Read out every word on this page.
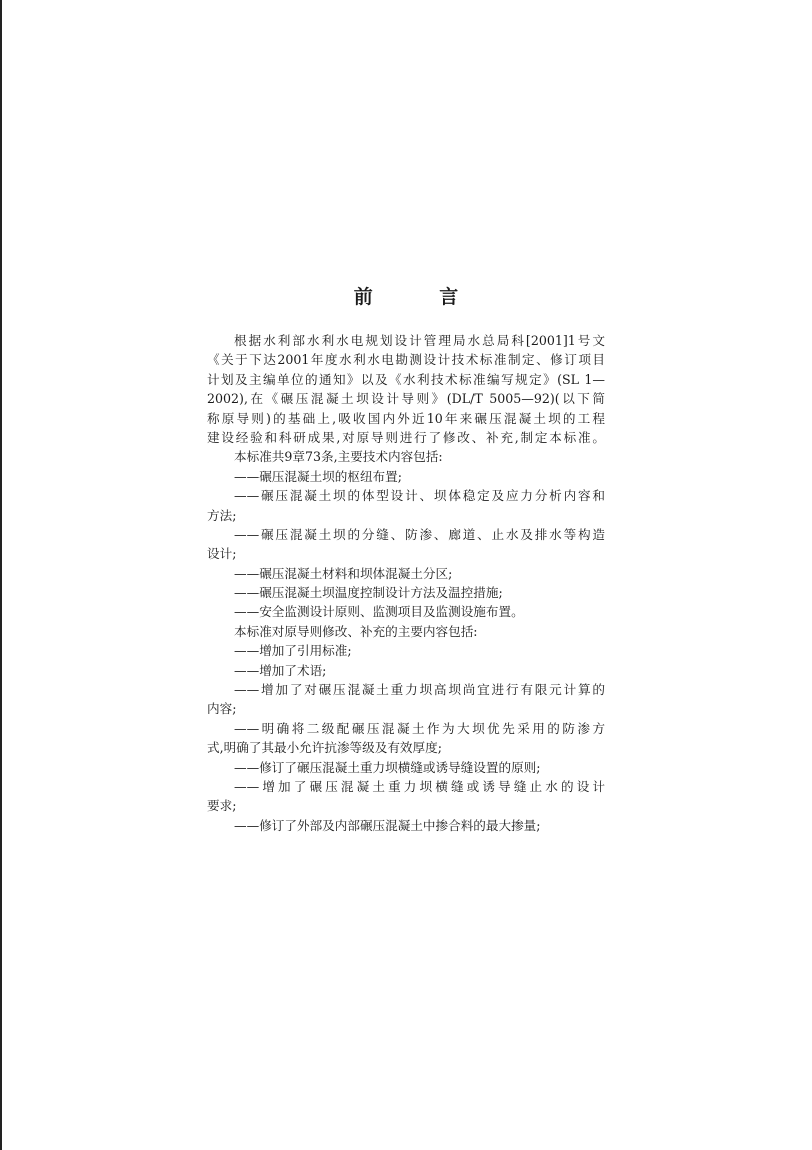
前 言
根据水利部水利水电规划设计管理局水总局科[2001]1号文
《关于下达2001年度水利水电勘测设计技术标准制定、修订项目
计划及主编单位的通知》以及《水利技术标准编写规定》(SL 1—
2002),在《碾压混凝土坝设计导则》(DL/T 5005—92)(以下简
称原导则)的基础上,吸收国内外近10年来碾压混凝土坝的工程
建设经验和科研成果,对原导则进行了修改、补充,制定本标准。
本标准共9章73条,主要技术内容包括:
——碾压混凝土坝的枢纽布置;
——碾压混凝土坝的体型设计、坝体稳定及应力分析内容和
方法;
——碾压混凝土坝的分缝、防渗、廊道、止水及排水等构造
设计;
——碾压混凝土材料和坝体混凝土分区;
——碾压混凝土坝温度控制设计方法及温控措施;
——安全监测设计原则、监测项目及监测设施布置。
本标准对原导则修改、补充的主要内容包括:
——增加了引用标准;
——增加了术语;
——增加了对碾压混凝土重力坝高坝尚宜进行有限元计算的
内容;
——明确将二级配碾压混凝土作为大坝优先采用的防渗方
式,明确了其最小允许抗渗等级及有效厚度;
——修订了碾压混凝土重力坝横缝或诱导缝设置的原则;
——增加了碾压混凝土重力坝横缝或诱导缝止水的设计
要求;
——修订了外部及内部碾压混凝土中掺合料的最大掺量;
